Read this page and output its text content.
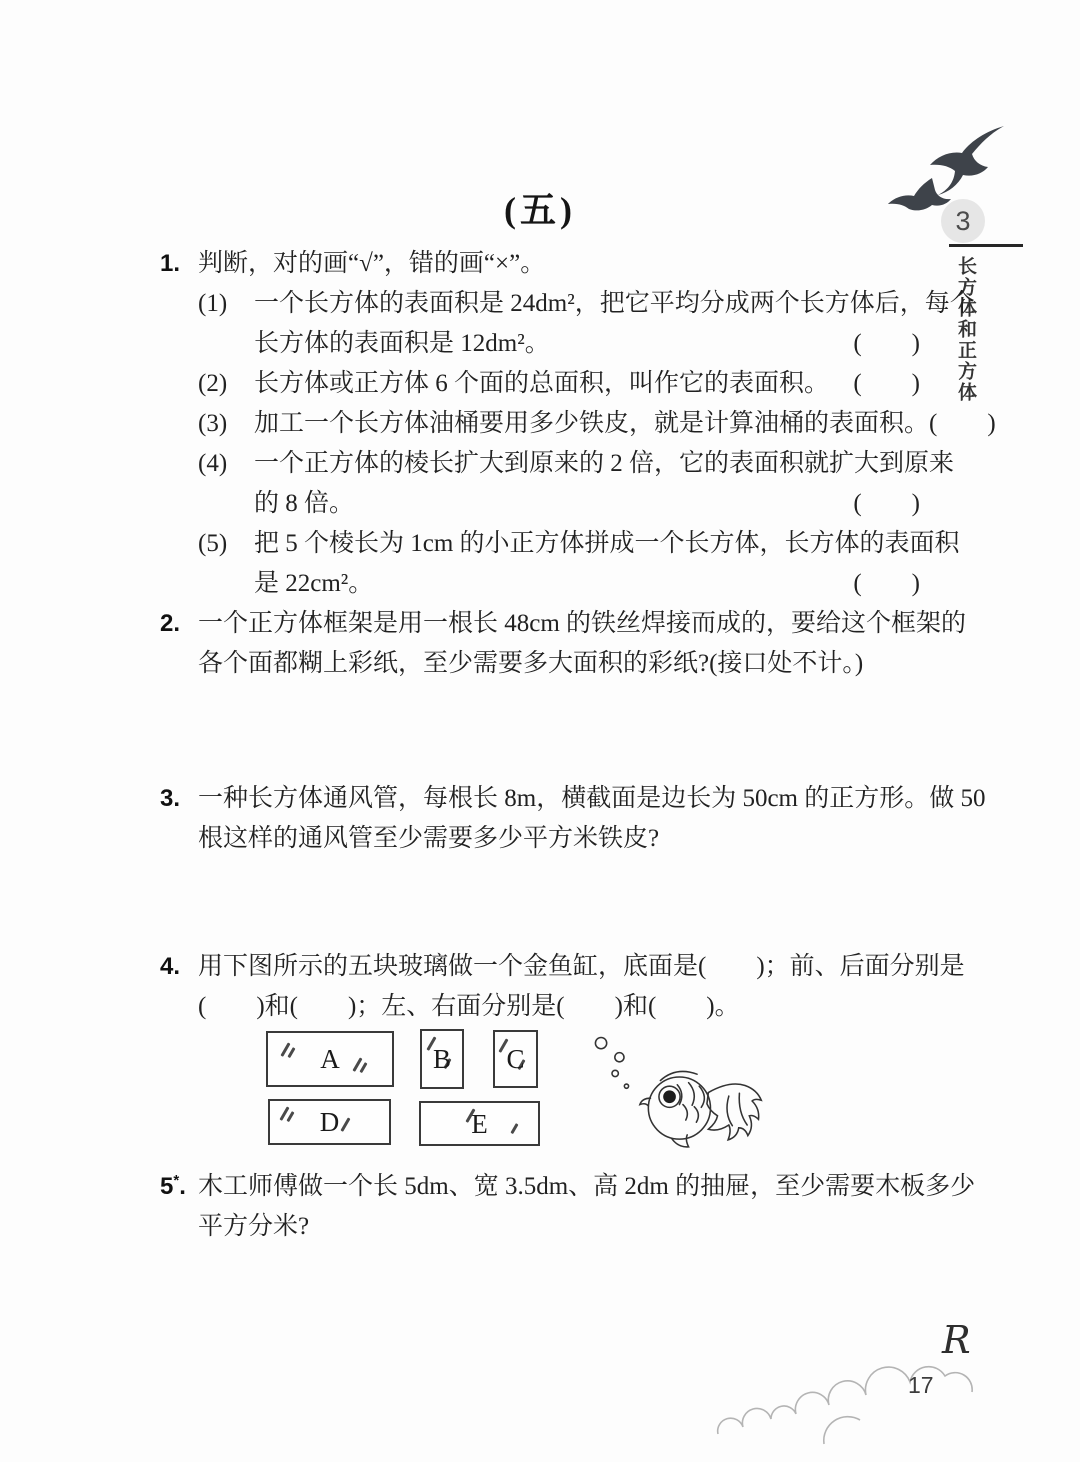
3
长方体和正方体
(五)
1. 判断，对的画“√”，错的画“×”。
(1)	一个长方体的表面积是 24dm²，把它平均分成两个长方体后，每个
长方体的表面积是 12dm²。	(　　)
(2)	长方体或正方体 6 个面的总面积，叫作它的表面积。 (　　)
(3)	加工一个长方体油桶要用多少铁皮，就是计算油桶的表面积。 (　　)
(4)	一个正方体的棱长扩大到原来的 2 倍，它的表面积就扩大到原来
的 8 倍。	(　　)
(5)	把 5 个棱长为 1cm 的小正方体拼成一个长方体，长方体的表面积
是 22cm²。	(　　)
2. 一个正方体框架是用一根长 48cm 的铁丝焊接而成的，要给这个框架的
各个面都糊上彩纸，至少需要多大面积的彩纸?(接口处不计。)
3. 一种长方体通风管，每根长 8m，横截面是边长为 50cm 的正方形。做 50
根这样的通风管至少需要多少平方米铁皮?
4. 用下图所示的五块玻璃做一个金鱼缸，底面是(　　)；前、后面分别是
(　　)和(　　)；左、右面分别是(　　)和(　　)。
A	B C
D	E
5*. 木工师傅做一个长 5dm、宽 3.5dm、高 2dm 的抽屉，至少需要木板多少
平方分米?
R
17
